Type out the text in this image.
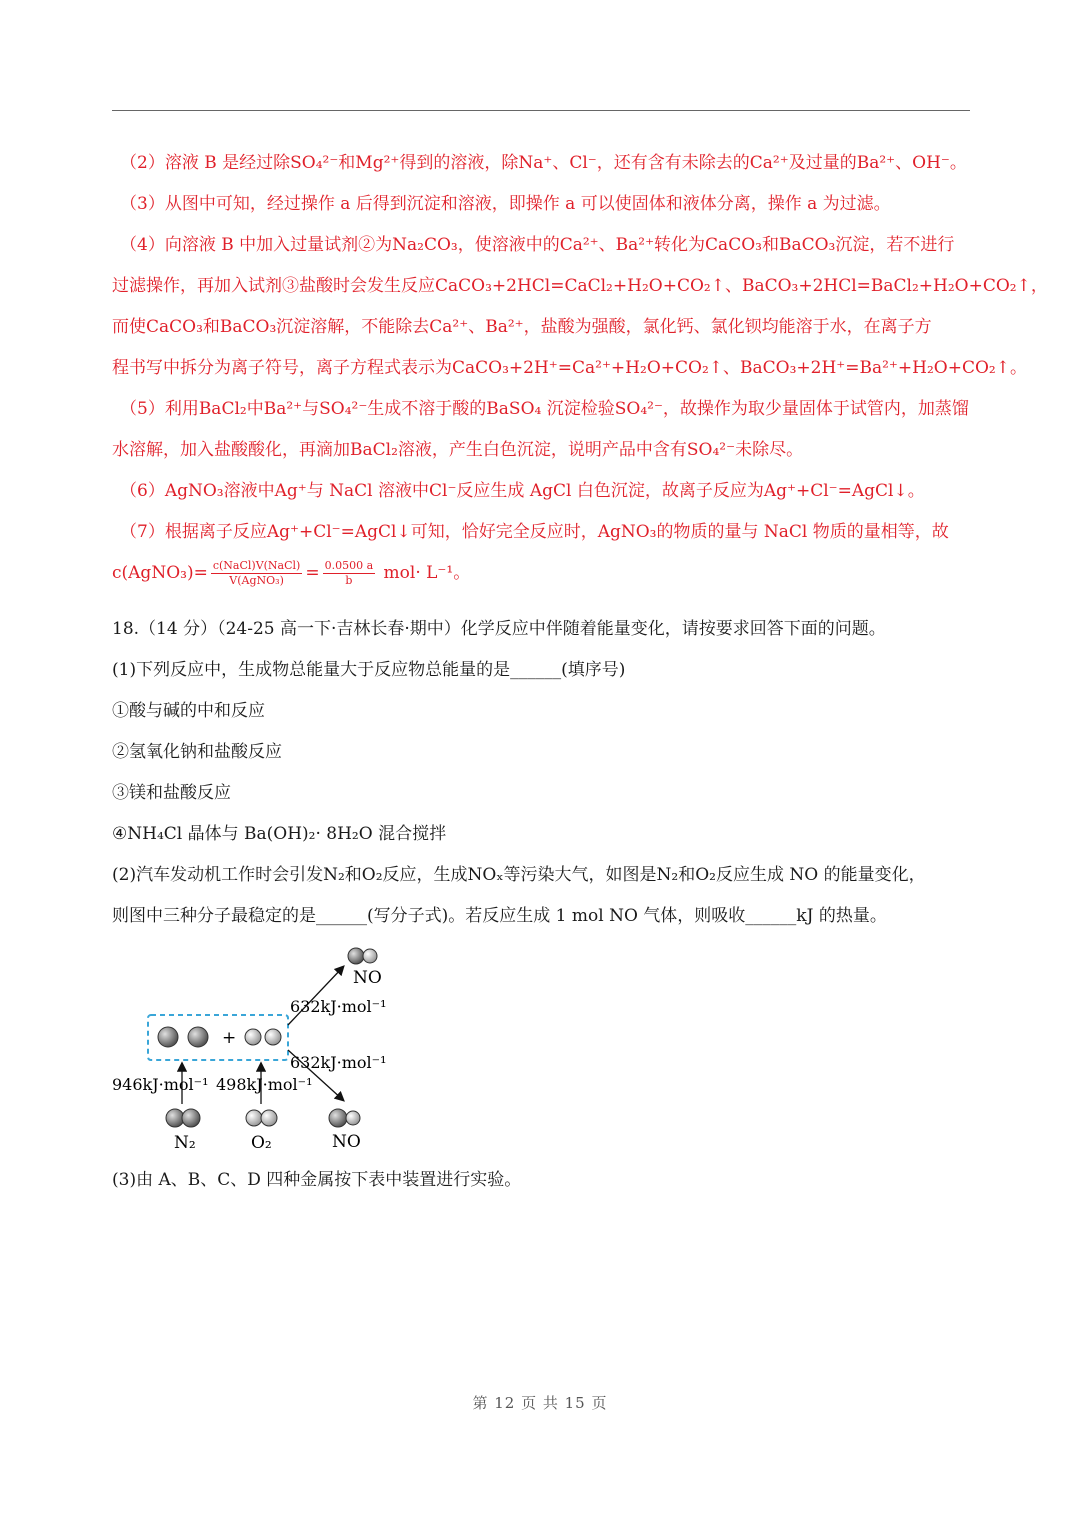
（2）溶液 B 是经过除SO₄²⁻和Mg²⁺得到的溶液，除Na⁺、Cl⁻，还有含有未除去的Ca²⁺及过量的Ba²⁺、OH⁻。

（3）从图中可知，经过操作 a 后得到沉淀和溶液，即操作 a 可以使固体和液体分离，操作 a 为过滤。

（4）向溶液 B 中加入过量试剂②为Na₂CO₃，使溶液中的Ca²⁺、Ba²⁺转化为CaCO₃和BaCO₃沉淀，若不进行

过滤操作，再加入试剂③盐酸时会发生反应CaCO₃+2HCl=CaCl₂+H₂O+CO₂↑、BaCO₃+2HCl=BaCl₂+H₂O+CO₂↑，

而使CaCO₃和BaCO₃沉淀溶解，不能除去Ca²⁺、Ba²⁺，盐酸为强酸，氯化钙、氯化钡均能溶于水，在离子方

程书写中拆分为离子符号，离子方程式表示为CaCO₃+2H⁺=Ca²⁺+H₂O+CO₂↑、BaCO₃+2H⁺=Ba²⁺+H₂O+CO₂↑。

（5）利用BaCl₂中Ba²⁺与SO₄²⁻生成不溶于酸的BaSO₄ 沉淀检验SO₄²⁻，故操作为取少量固体于试管内，加蒸馏

水溶解，加入盐酸酸化，再滴加BaCl₂溶液，产生白色沉淀，说明产品中含有SO₄²⁻未除尽。

（6）AgNO₃溶液中Ag⁺与 NaCl 溶液中Cl⁻反应生成 AgCl 白色沉淀，故离子反应为Ag⁺+Cl⁻=AgCl↓。

（7）根据离子反应Ag⁺+Cl⁻=AgCl↓可知，恰好完全反应时，AgNO₃的物质的量与 NaCl 物质的量相等，故

c(AgNO₃)= $\frac{\text{c(NaCl)V(NaCl)}}{\text{V(AgNO₃)}} = \frac{0.0500 a}{b} mol\cdot L^{-1}$。

18.（14 分）（24-25 高一下·吉林长春·期中）化学反应中伴随着能量变化，请按要求回答下面的问题。

(1)下列反应中，生成物总能量大于反应物总能量的是______(填序号)

①酸与碱的中和反应

②氢氧化钠和盐酸反应

③镁和盐酸反应

④NH₄Cl 晶体与 Ba(OH)₂· 8H₂O 混合搅拌

(2)汽车发动机工作时会引发N₂和O₂反应，生成NOₓ等污染大气，如图是N₂和O₂反应生成 NO 的能量变化，

则图中三种分子最稳定的是______(写分子式)。若反应生成 1 mol NO 气体，则吸收______kJ 的热量。

NO
+
632kJ·mol⁻¹
632kJ·mol⁻¹
946kJ·mol⁻¹ 498kJ·mol⁻¹
N₂	O₂	NO

(3)由 A、B、C、D 四种金属按下表中装置进行实验。

第 12 页 共 15 页
